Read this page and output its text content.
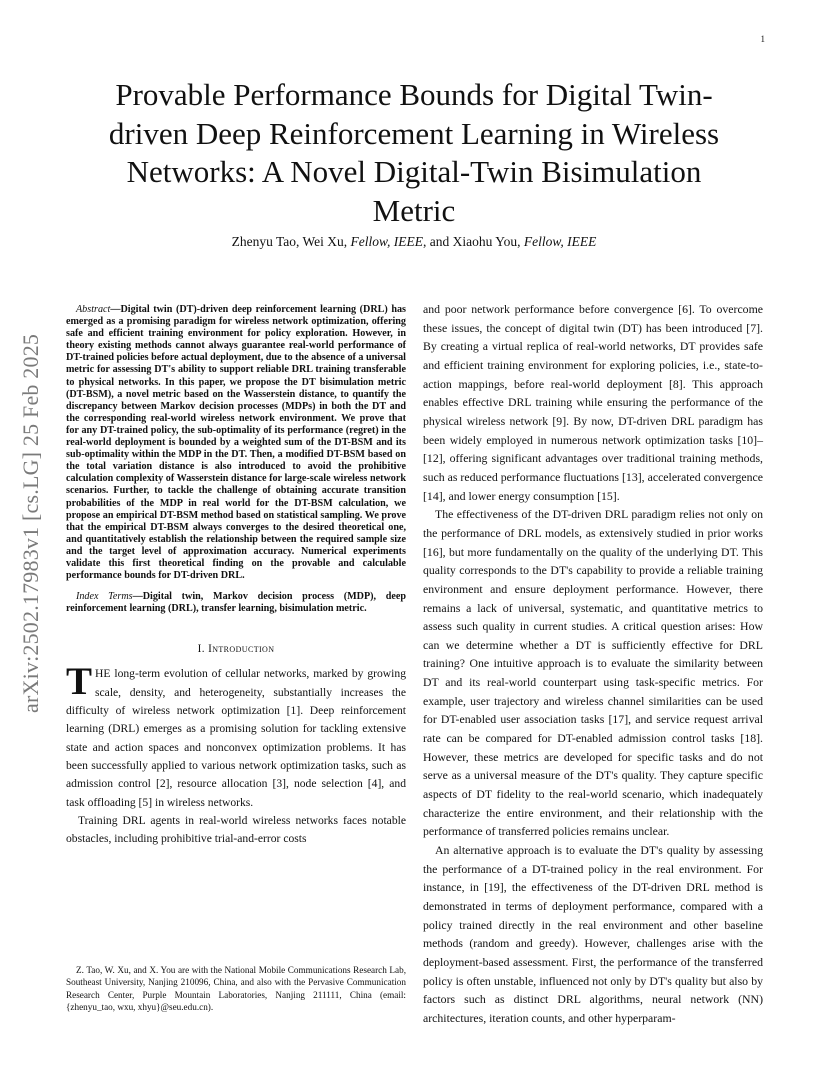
1
arXiv:2502.17983v1 [cs.LG] 25 Feb 2025
Provable Performance Bounds for Digital Twin-driven Deep Reinforcement Learning in Wireless Networks: A Novel Digital-Twin Bisimulation Metric
Zhenyu Tao, Wei Xu, Fellow, IEEE, and Xiaohu You, Fellow, IEEE

Abstract—Digital twin (DT)-driven deep reinforcement learning (DRL) has emerged as a promising paradigm for wireless network optimization, offering safe and efficient training environment for policy exploration. However, in theory existing methods cannot always guarantee real-world performance of DT-trained policies before actual deployment, due to the absence of a universal metric for assessing DT's ability to support reliable DRL training transferable to physical networks. In this paper, we propose the DT bisimulation metric (DT-BSM), a novel metric based on the Wasserstein distance, to quantify the discrepancy between Markov decision processes (MDPs) in both the DT and the corresponding real-world wireless network environment. We prove that for any DT-trained policy, the sub-optimality of its performance (regret) in the real-world deployment is bounded by a weighted sum of the DT-BSM and its sub-optimality within the MDP in the DT. Then, a modified DT-BSM based on the total variation distance is also introduced to avoid the prohibitive calculation complexity of Wasserstein distance for large-scale wireless network scenarios. Further, to tackle the challenge of obtaining accurate transition probabilities of the MDP in real world for the DT-BSM calculation, we propose an empirical DT-BSM method based on statistical sampling. We prove that the empirical DT-BSM always converges to the desired theoretical one, and quantitatively establish the relationship between the required sample size and the target level of approximation accuracy. Numerical experiments validate this first theoretical finding on the provable and calculable performance bounds for DT-driven DRL.

Index Terms—Digital twin, Markov decision process (MDP), deep reinforcement learning (DRL), transfer learning, bisimulation metric.

I. Introduction

THE long-term evolution of cellular networks, marked by growing scale, density, and heterogeneity, substantially increases the difficulty of wireless network optimization [1]. Deep reinforcement learning (DRL) emerges as a promising solution for tackling extensive state and action spaces and nonconvex optimization problems. It has been successfully applied to various network optimization tasks, such as admission control [2], resource allocation [3], node selection [4], and task offloading [5] in wireless networks.

Training DRL agents in real-world wireless networks faces notable obstacles, including prohibitive trial-and-error costs

Z. Tao, W. Xu, and X. You are with the National Mobile Communications Research Lab, Southeast University, Nanjing 210096, China, and also with the Pervasive Communication Research Center, Purple Mountain Laboratories, Nanjing 211111, China (email: {zhenyu_tao, wxu, xhyu}@seu.edu.cn).

and poor network performance before convergence [6]. To overcome these issues, the concept of digital twin (DT) has been introduced [7]. By creating a virtual replica of real-world networks, DT provides safe and efficient training environment for exploring policies, i.e., state-to-action mappings, before real-world deployment [8]. This approach enables effective DRL training while ensuring the performance of the physical wireless network [9]. By now, DT-driven DRL paradigm has been widely employed in numerous network optimization tasks [10]–[12], offering significant advantages over traditional training methods, such as reduced performance fluctuations [13], accelerated convergence [14], and lower energy consumption [15].

The effectiveness of the DT-driven DRL paradigm relies not only on the performance of DRL models, as extensively studied in prior works [16], but more fundamentally on the quality of the underlying DT. This quality corresponds to the DT's capability to provide a reliable training environment and ensure deployment performance. However, there remains a lack of universal, systematic, and quantitative metrics to assess such quality in current studies. A critical question arises: How can we determine whether a DT is sufficiently effective for DRL training? One intuitive approach is to evaluate the similarity between DT and its real-world counterpart using task-specific metrics. For example, user trajectory and wireless channel similarities can be used for DT-enabled user association tasks [17], and service request arrival rate can be compared for DT-enabled admission control tasks [18]. However, these metrics are developed for specific tasks and do not serve as a universal measure of the DT's quality. They capture specific aspects of DT fidelity to the real-world scenario, which inadequately characterize the entire environment, and their relationship with the performance of transferred policies remains unclear.

An alternative approach is to evaluate the DT's quality by assessing the performance of a DT-trained policy in the real environment. For instance, in [19], the effectiveness of the DT-driven DRL method is demonstrated in terms of deployment performance, compared with a policy trained directly in the real environment and other baseline methods (random and greedy). However, challenges arise with the deployment-based assessment. First, the performance of the transferred policy is often unstable, influenced not only by DT's quality but also by factors such as distinct DRL algorithms, neural network (NN) architectures, iteration counts, and other hyperparam-
